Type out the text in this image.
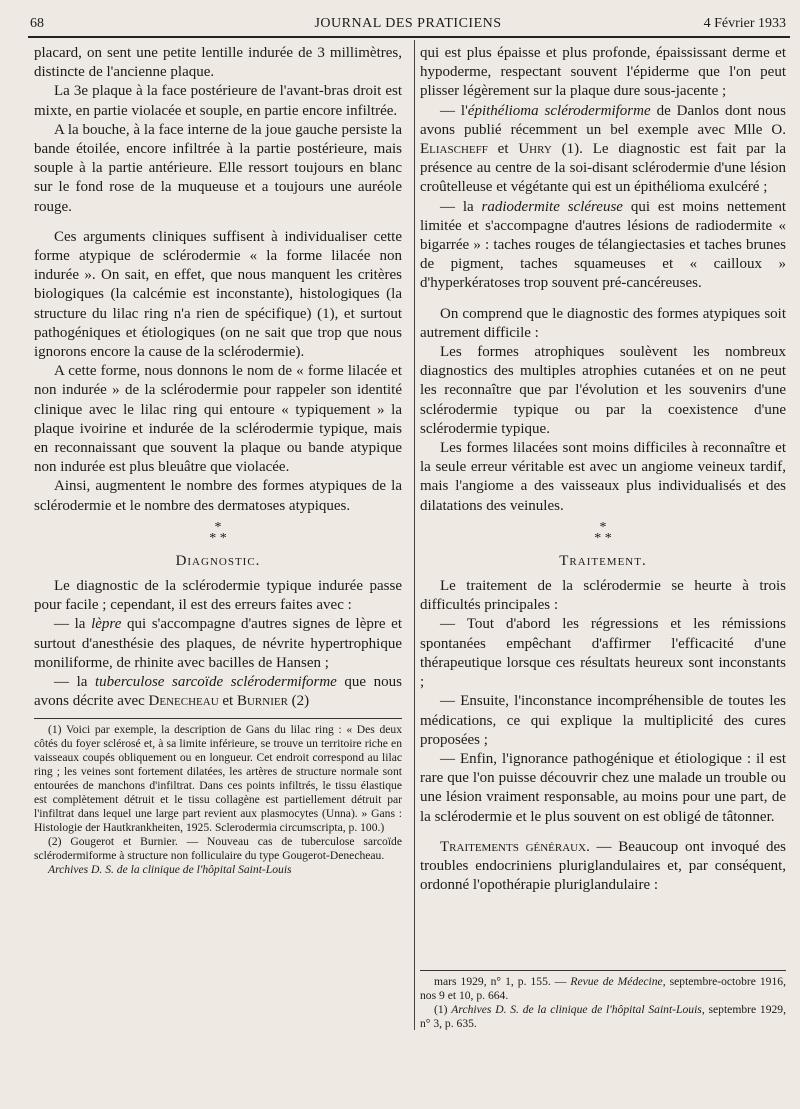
68	JOURNAL DES PRATICIENS	4 Février 1933

placard, on sent une petite lentille indurée de 3 millimètres, distincte de l'ancienne plaque.

La 3e plaque à la face postérieure de l'avant-bras droit est mixte, en partie violacée et souple, en partie encore infiltrée.

A la bouche, à la face interne de la joue gauche persiste la bande étoilée, encore infiltrée à la partie postérieure, mais souple à la partie antérieure. Elle ressort toujours en blanc sur le fond rose de la muqueuse et a toujours une auréole rouge.

Ces arguments cliniques suffisent à individualiser cette forme atypique de sclérodermie « la forme lilacée non indurée ». On sait, en effet, que nous manquent les critères biologiques (la calcémie est inconstante), histologiques (la structure du lilac ring n'a rien de spécifique) (1), et surtout pathogéniques et étiologiques (on ne sait que trop que nous ignorons encore la cause de la sclérodermie).

A cette forme, nous donnons le nom de « forme lilacée et non indurée » de la sclérodermie pour rappeler son identité clinique avec le lilac ring qui entoure « typiquement » la plaque ivoirine et indurée de la sclérodermie typique, mais en reconnaissant que souvent la plaque ou bande atypique non indurée est plus bleuâtre que violacée.

Ainsi, augmentent le nombre des formes atypiques de la sclérodermie et le nombre des dermatoses atypiques.

*
* *
Diagnostic.

Le diagnostic de la sclérodermie typique indurée passe pour facile ; cependant, il est des erreurs faites avec :

— la lèpre qui s'accompagne d'autres signes de lèpre et surtout d'anesthésie des plaques, de névrite hypertrophique moniliforme, de rhinite avec bacilles de Hansen ;

— la tuberculose sarcoïde sclérodermiforme que nous avons décrite avec Denecheau et Burnier (2)

(1) Voici par exemple, la description de Gans du lilac ring : « Des deux côtés du foyer sclérosé et, à sa limite inférieure, se trouve un territoire riche en vaisseaux coupés obliquement ou en longueur. Cet endroit correspond au lilac ring ; les veines sont fortement dilatées, les artères de structure normale sont entourées de manchons d'infiltrat. Dans ces points infiltrés, le tissu élastique est complètement détruit et le tissu collagène est partiellement détruit par l'infiltrat dans lequel une large part revient aux plasmocytes (Unna). » Gans : Histologie der Hautkrankheiten, 1925. Sclerodermia circumscripta, p. 100.)

(2) Gougerot et Burnier. — Nouveau cas de tuberculose sarcoïde sclérodermiforme à structure non folliculaire du type Gougerot-Denecheau.

Archives D. S. de la clinique de l'hôpital Saint-Louis

qui est plus épaisse et plus profonde, épaississant derme et hypoderme, respectant souvent l'épiderme que l'on peut plisser légèrement sur la plaque dure sous-jacente ;

— l'épithélioma sclérodermiforme de Danlos dont nous avons publié récemment un bel exemple avec Mlle O. Eliascheff et Uhry (1). Le diagnostic est fait par la présence au centre de la soi-disant sclérodermie d'une lésion croûtelleuse et végétante qui est un épithélioma exulcéré ;

— la radiodermite scléreuse qui est moins nettement limitée et s'accompagne d'autres lésions de radiodermite « bigarrée » : taches rouges de télangiectasies et taches brunes de pigment, taches squameuses et « cailloux » d'hyperkératoses trop souvent pré-cancéreuses.

On comprend que le diagnostic des formes atypiques soit autrement difficile :

Les formes atrophiques soulèvent les nombreux diagnostics des multiples atrophies cutanées et on ne peut les reconnaître que par l'évolution et les souvenirs d'une sclérodermie typique ou par la coexistence d'une sclérodermie typique.

Les formes lilacées sont moins difficiles à reconnaître et la seule erreur véritable est avec un angiome veineux tardif, mais l'angiome a des vaisseaux plus individualisés et des dilatations des veinules.

*
* *
Traitement.

Le traitement de la sclérodermie se heurte à trois difficultés principales :

— Tout d'abord les régressions et les rémissions spontanées empêchant d'affirmer l'efficacité d'une thérapeutique lorsque ces résultats heureux sont inconstants ;

— Ensuite, l'inconstance incompréhensible de toutes les médications, ce qui explique la multiplicité des cures proposées ;

— Enfin, l'ignorance pathogénique et étiologique : il est rare que l'on puisse découvrir chez une malade un trouble ou une lésion vraiment responsable, au moins pour une part, de la sclérodermie et le plus souvent on est obligé de tâtonner.

Traitements généraux. — Beaucoup ont invoqué des troubles endocriniens pluriglandulaires et, par conséquent, ordonné l'opothérapie pluriglandulaire :

mars 1929, n° 1, p. 155. — Revue de Médecine, septembre-octobre 1916, nos 9 et 10, p. 664.

(1) Archives D. S. de la clinique de l'hôpital Saint-Louis, septembre 1929, n° 3, p. 635.
